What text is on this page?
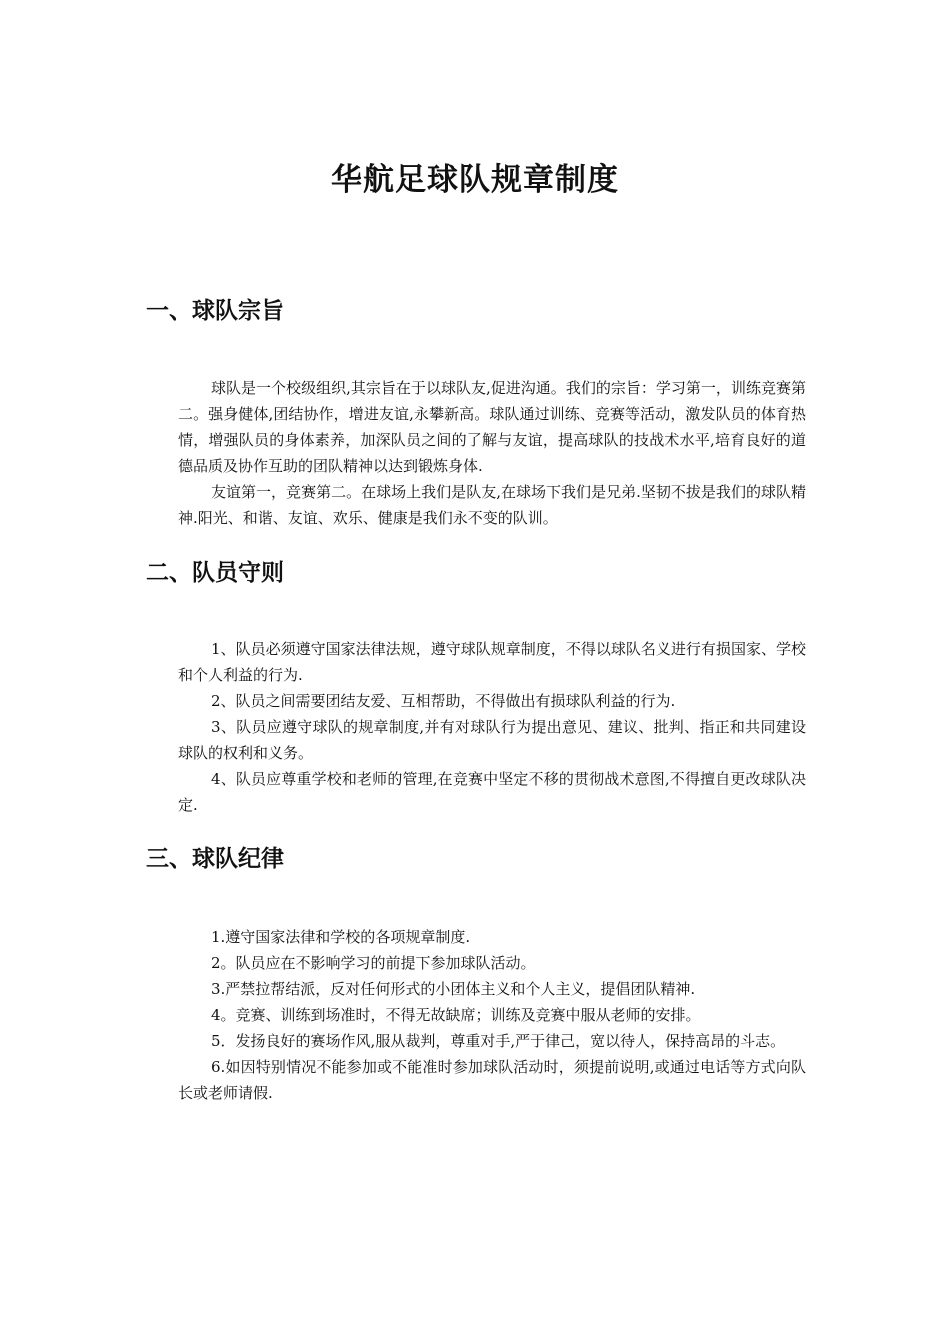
华航足球队规章制度
一、球队宗旨

球队是一个校级组织,其宗旨在于以球队友,促进沟通。我们的宗旨：学习第一，训练竞赛第二。强身健体,团结协作，增进友谊,永攀新高。球队通过训练、竞赛等活动，激发队员的体育热情，增强队员的身体素养，加深队员之间的了解与友谊，提高球队的技战术水平,培育良好的道德品质及协作互助的团队精神以达到锻炼身体.

友谊第一，竞赛第二。在球场上我们是队友,在球场下我们是兄弟.坚韧不拔是我们的球队精神.阳光、和谐、友谊、欢乐、健康是我们永不变的队训。

二、队员守则

1、队员必须遵守国家法律法规，遵守球队规章制度，不得以球队名义进行有损国家、学校和个人利益的行为.

2、队员之间需要团结友爱、互相帮助，不得做出有损球队利益的行为.

3、队员应遵守球队的规章制度,并有对球队行为提出意见、建议、批判、指正和共同建设球队的权利和义务。

4、队员应尊重学校和老师的管理,在竞赛中坚定不移的贯彻战术意图,不得擅自更改球队决定.

三、球队纪律

1.遵守国家法律和学校的各项规章制度.

2。队员应在不影响学习的前提下参加球队活动。

3.严禁拉帮结派，反对任何形式的小团体主义和个人主义，提倡团队精神.

4。竞赛、训练到场准时，不得无故缺席；训练及竞赛中服从老师的安排。

5．发扬良好的赛场作风,服从裁判，尊重对手,严于律己，宽以待人，保持高昂的斗志。

6.如因特别情况不能参加或不能准时参加球队活动时，须提前说明,或通过电话等方式向队长或老师请假.
